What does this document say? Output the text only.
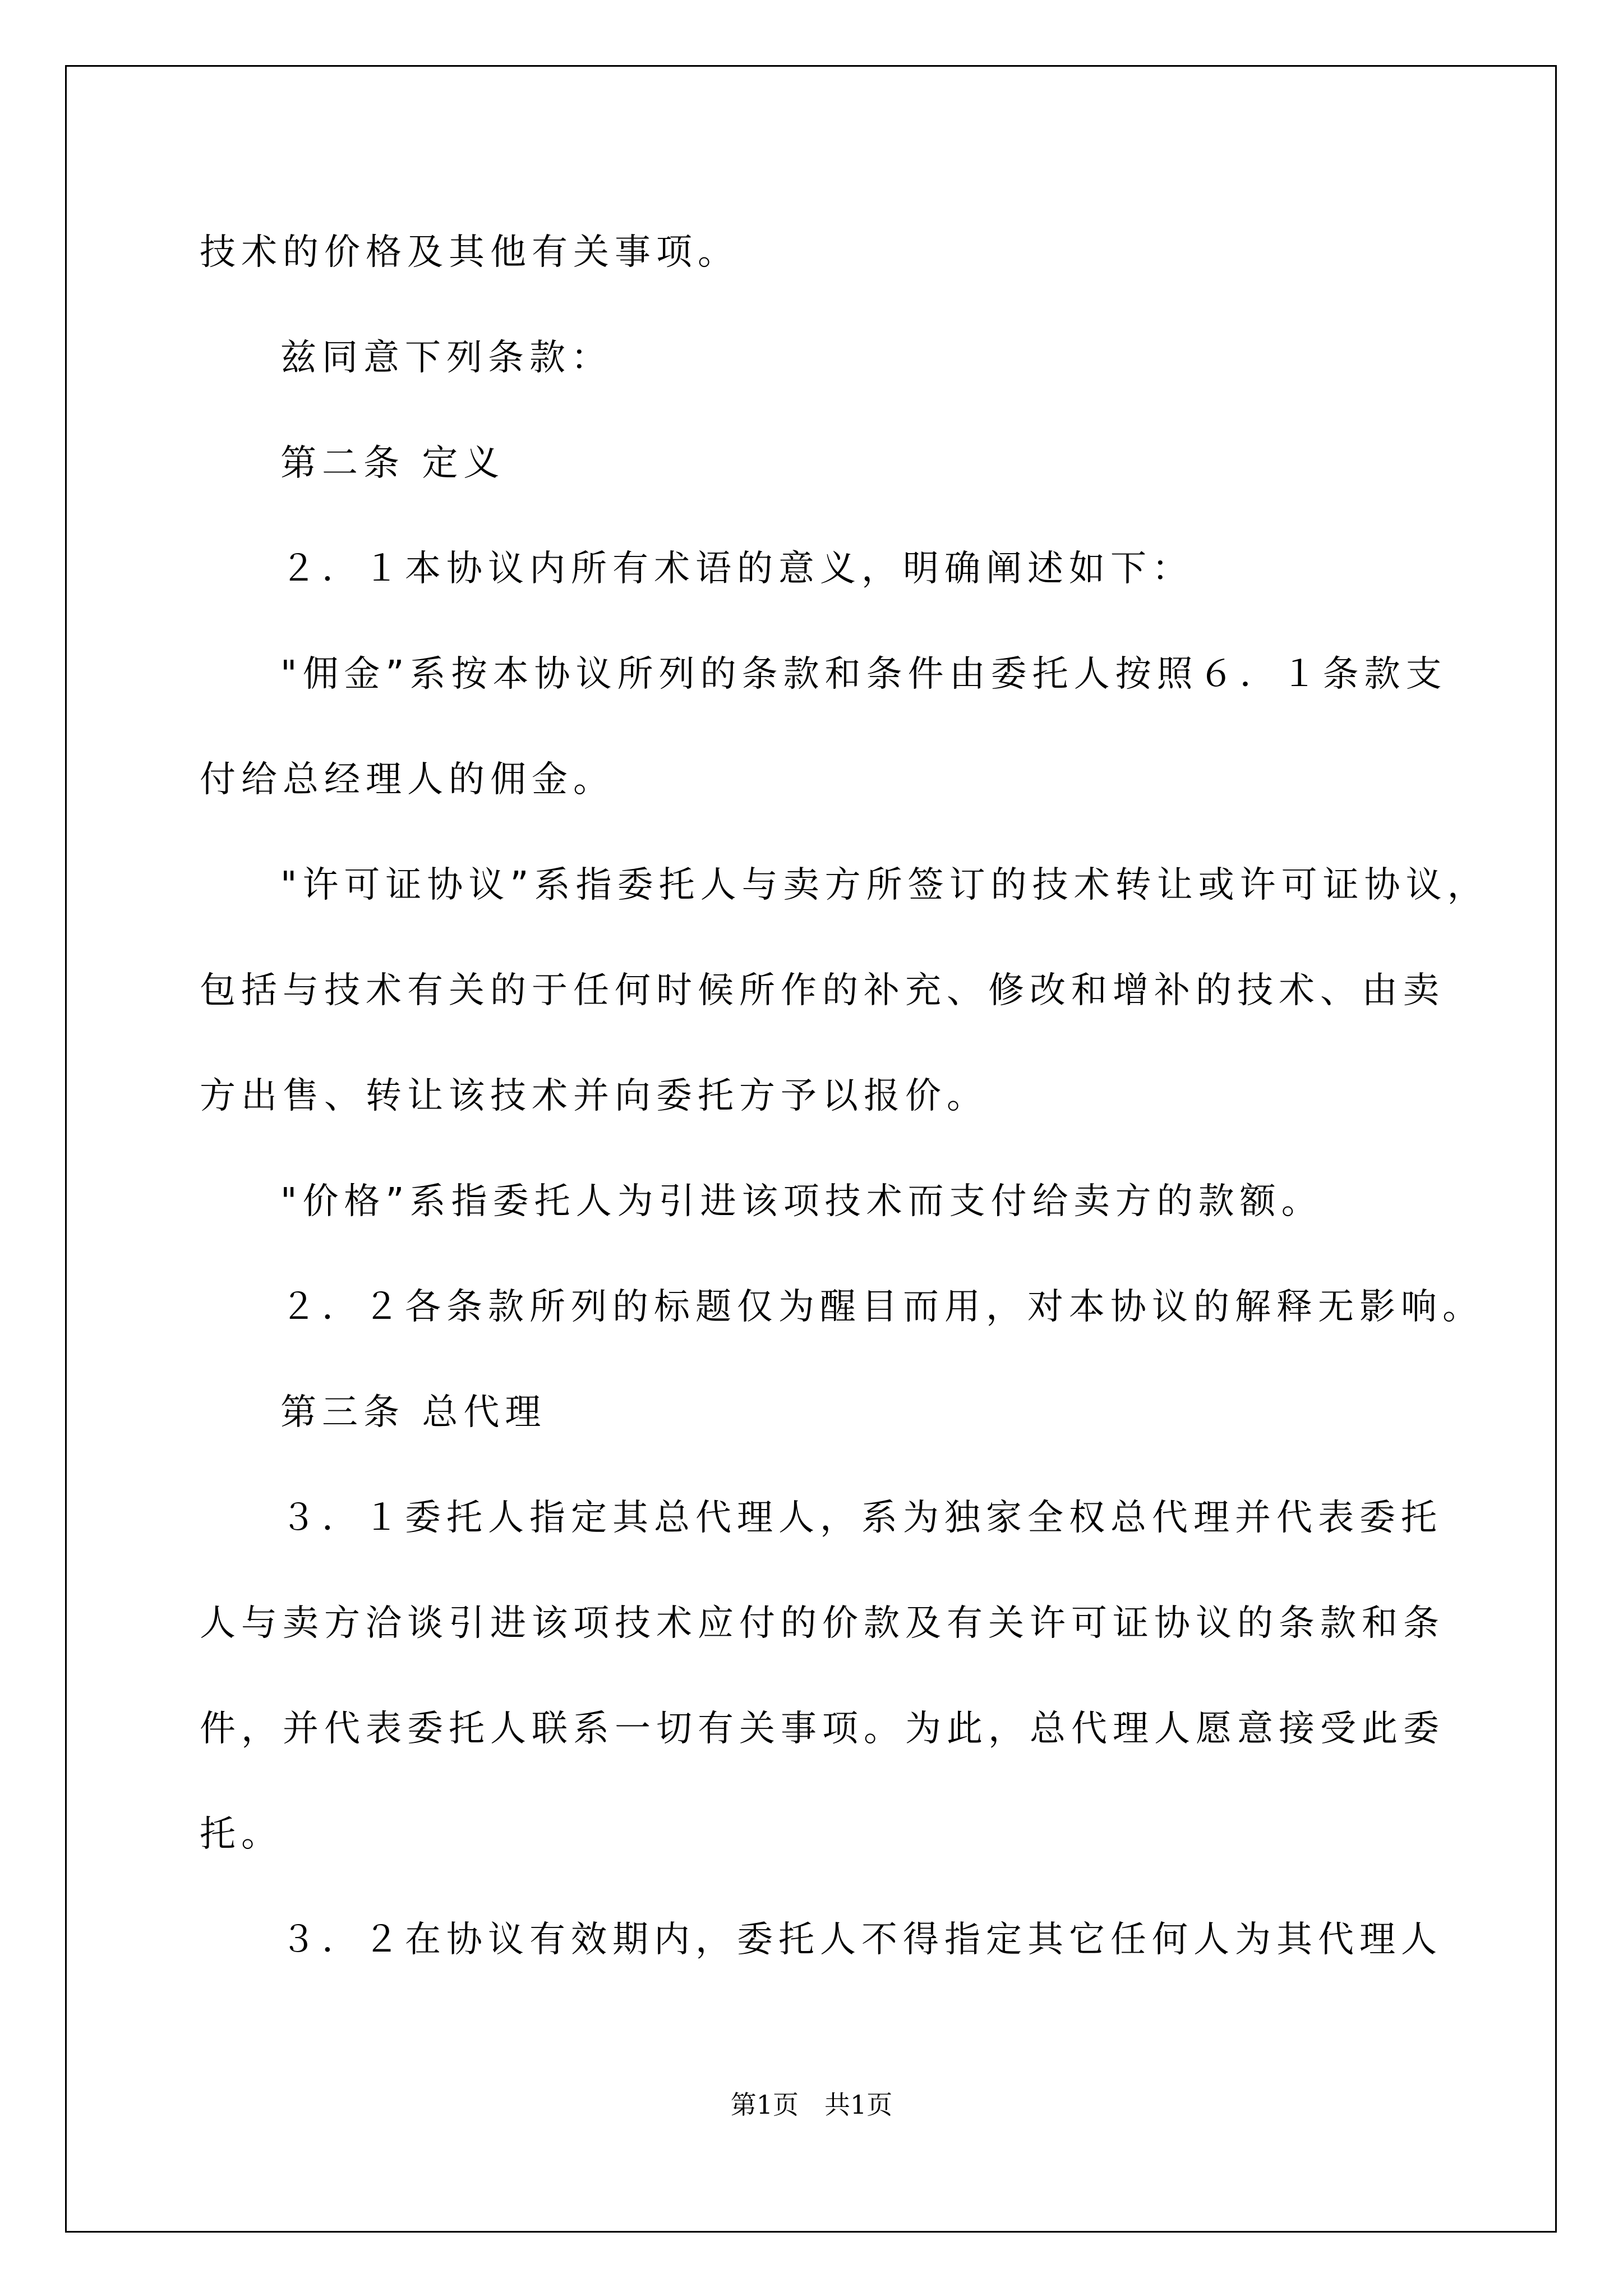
技术的价格及其他有关事项。
兹同意下列条款：
第二条 定义
２．１本协议内所有术语的意义，明确阐述如下：
"佣金”系按本协议所列的条款和条件由委托人按照６．１条款支
付给总经理人的佣金。
"许可证协议”系指委托人与卖方所签订的技术转让或许可证协议，
包括与技术有关的于任何时候所作的补充、修改和增补的技术、由卖
方出售、转让该技术并向委托方予以报价。
"价格”系指委托人为引进该项技术而支付给卖方的款额。
２．２各条款所列的标题仅为醒目而用，对本协议的解释无影响。
第三条 总代理
３．１委托人指定其总代理人，系为独家全权总代理并代表委托
人与卖方洽谈引进该项技术应付的价款及有关许可证协议的条款和条
件，并代表委托人联系一切有关事项。为此，总代理人愿意接受此委
托。
３．２在协议有效期内，委托人不得指定其它任何人为其代理人
第1页 共1页
